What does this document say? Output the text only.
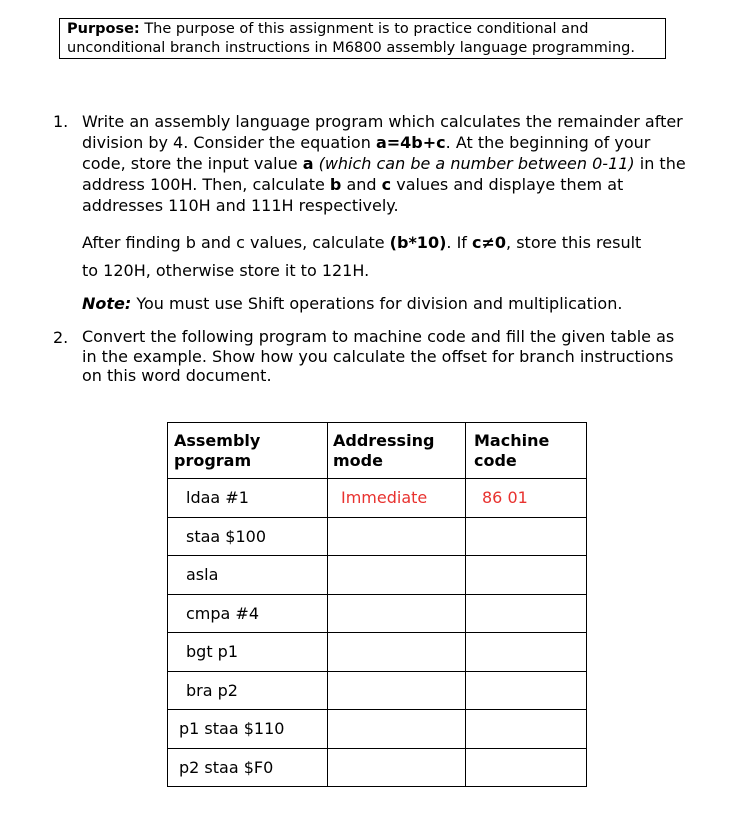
Purpose: The purpose of this assignment is to practice conditional and unconditional branch instructions in M6800 assembly language programming.
1. Write an assembly language program which calculates the remainder after division by 4. Consider the equation a=4b+c. At the beginning of your code, store the input value a (which can be a number between 0-11) in the address 100H. Then, calculate b and c values and displaye them at addresses 110H and 111H respectively.
After finding b and c values, calculate (b*10). If c≠0, store this result
to 120H, otherwise store it to 121H.
Note: You must use Shift operations for division and multiplication.
2. Convert the following program to machine code and fill the given table as in the example. Show how you calculate the offset for branch instructions on this word document.
Assembly program	Addressing mode	Machine code
ldaa #1	Immediate	86 01
staa $100		
asla		
cmpa #4		
bgt p1		
bra p2		
p1 staa $110		
p2 staa $F0		
